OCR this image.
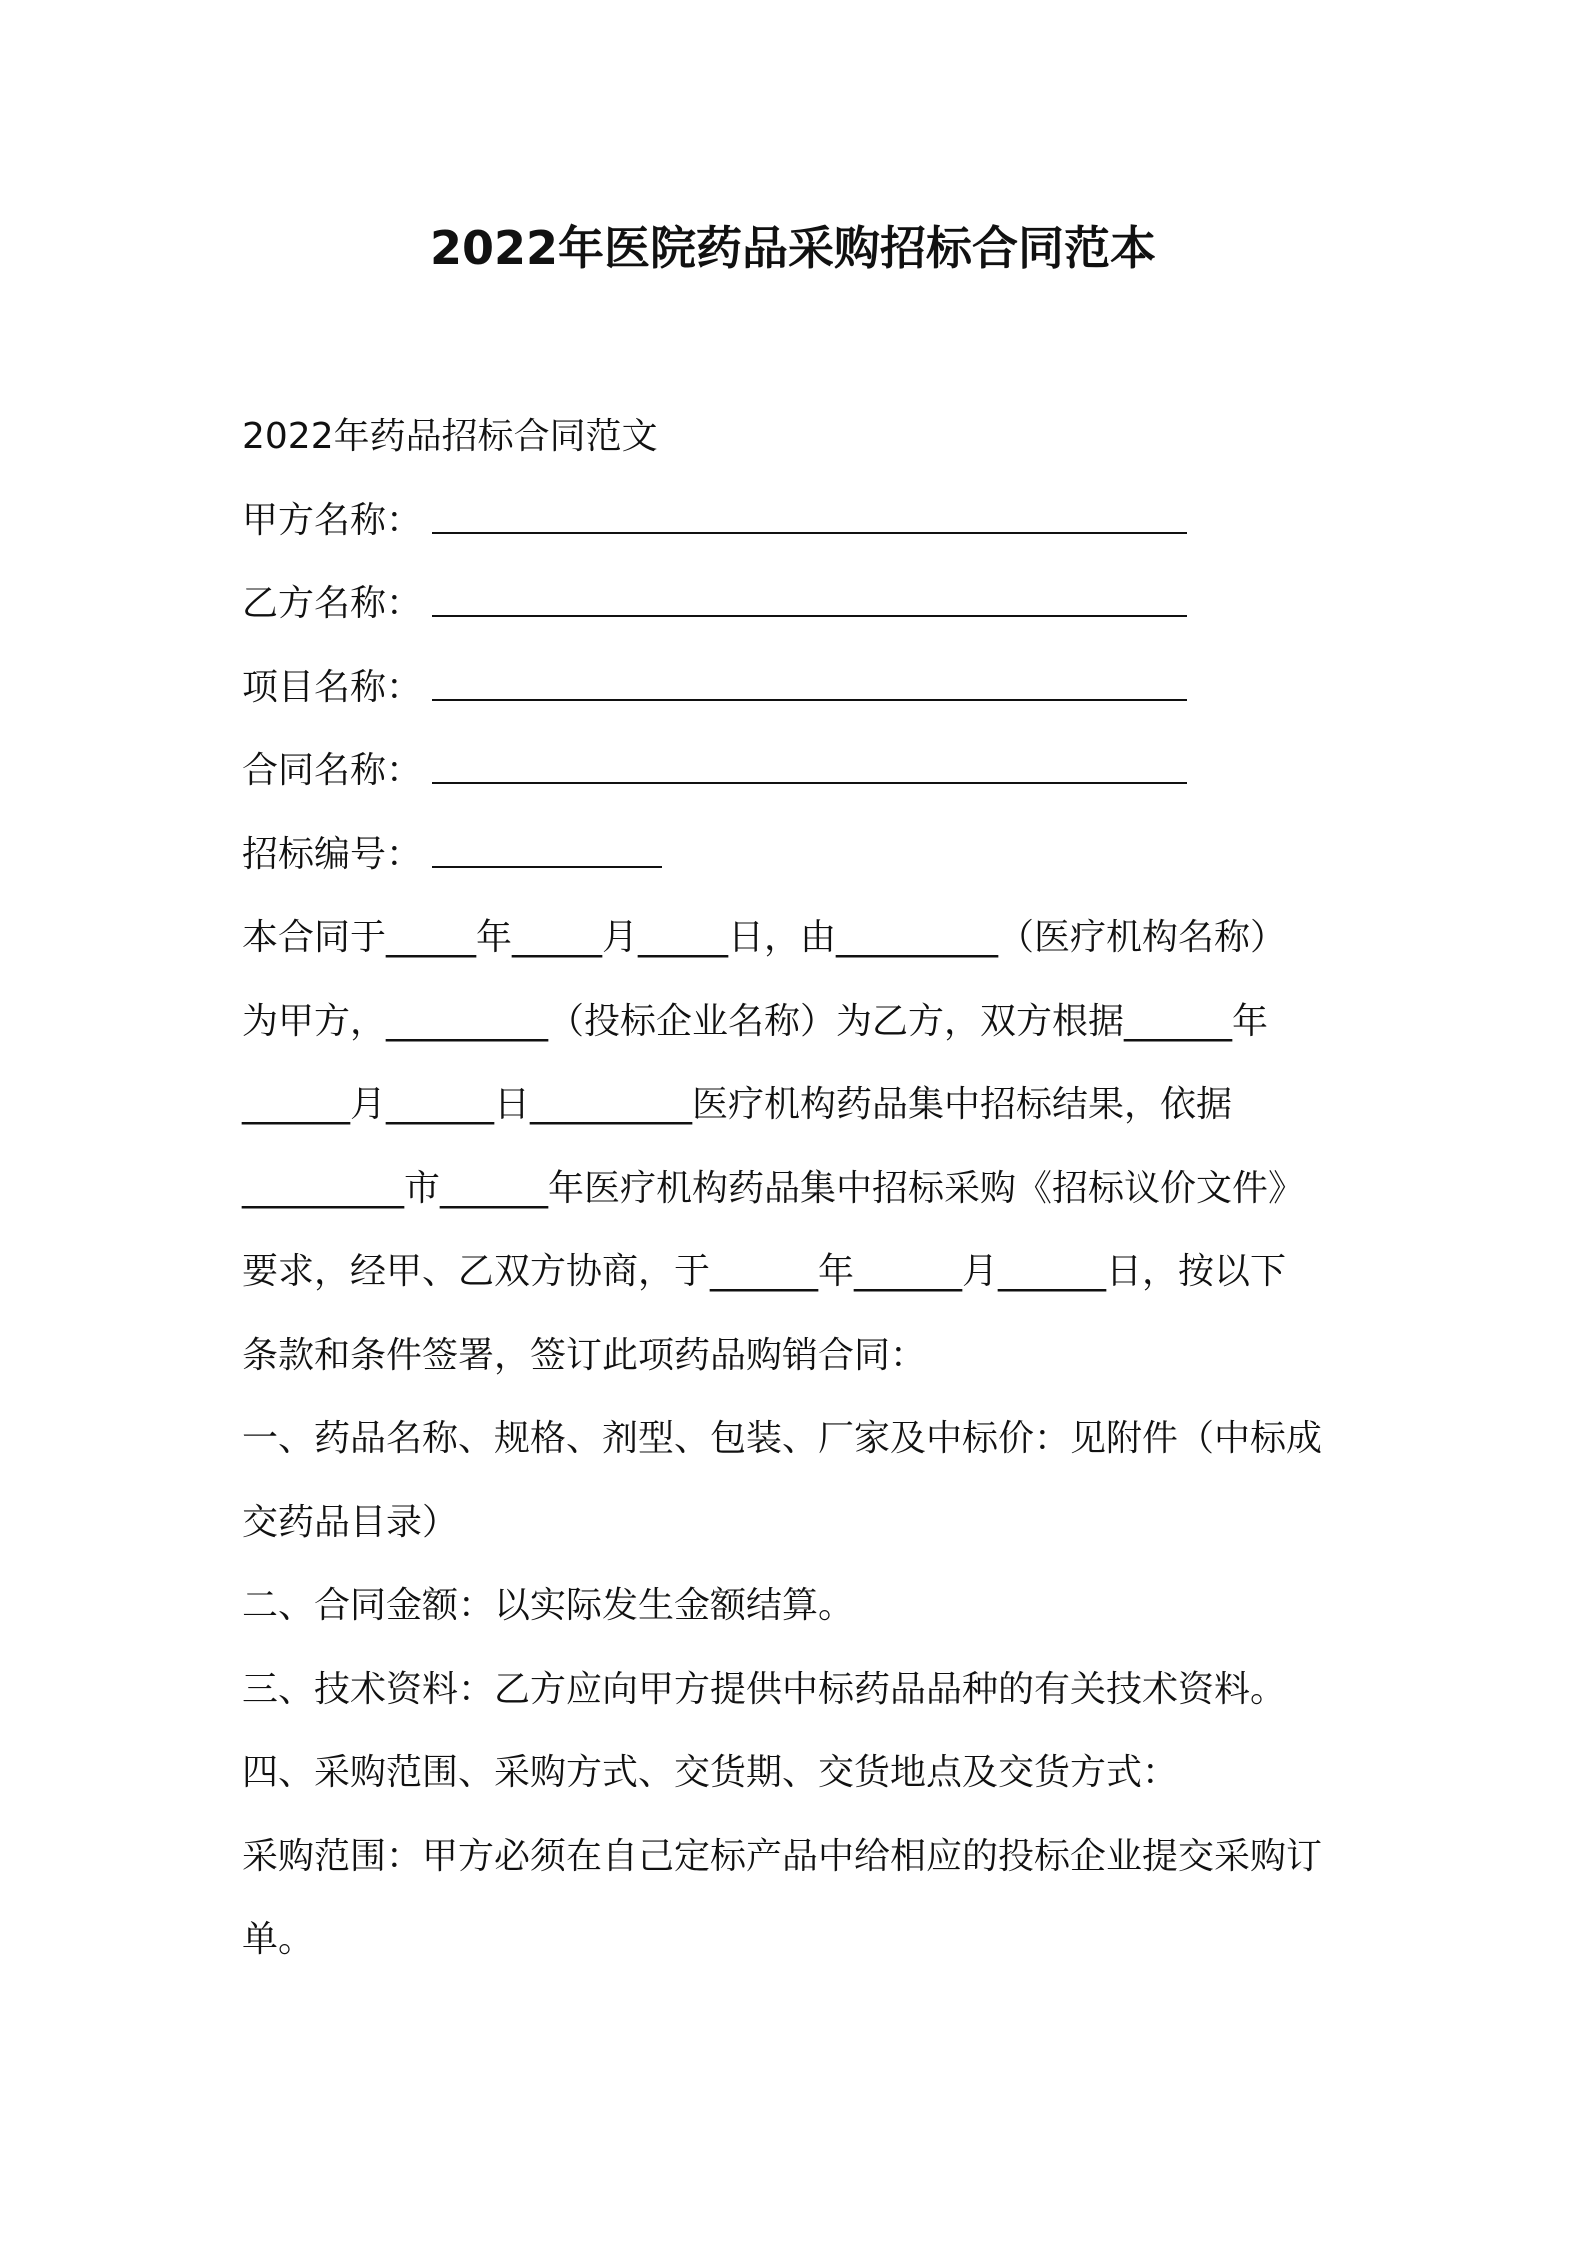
2022年医院药品采购招标合同范本
2022年药品招标合同范文
甲方名称：
乙方名称：
项目名称：
合同名称：
招标编号：
本合同于_____年_____月_____日，由_________（医疗机构名称）
为甲方，_________（投标企业名称）为乙方，双方根据______年
______月______日_________医疗机构药品集中招标结果，依据
_________市______年医疗机构药品集中招标采购《招标议价文件》
要求，经甲、乙双方协商，于______年______月______日，按以下
条款和条件签署，签订此项药品购销合同：
一、药品名称、规格、剂型、包装、厂家及中标价：见附件（中标成
交药品目录）
二、合同金额：以实际发生金额结算。
三、技术资料：乙方应向甲方提供中标药品品种的有关技术资料。
四、采购范围、采购方式、交货期、交货地点及交货方式：
采购范围：甲方必须在自己定标产品中给相应的投标企业提交采购订
单。
